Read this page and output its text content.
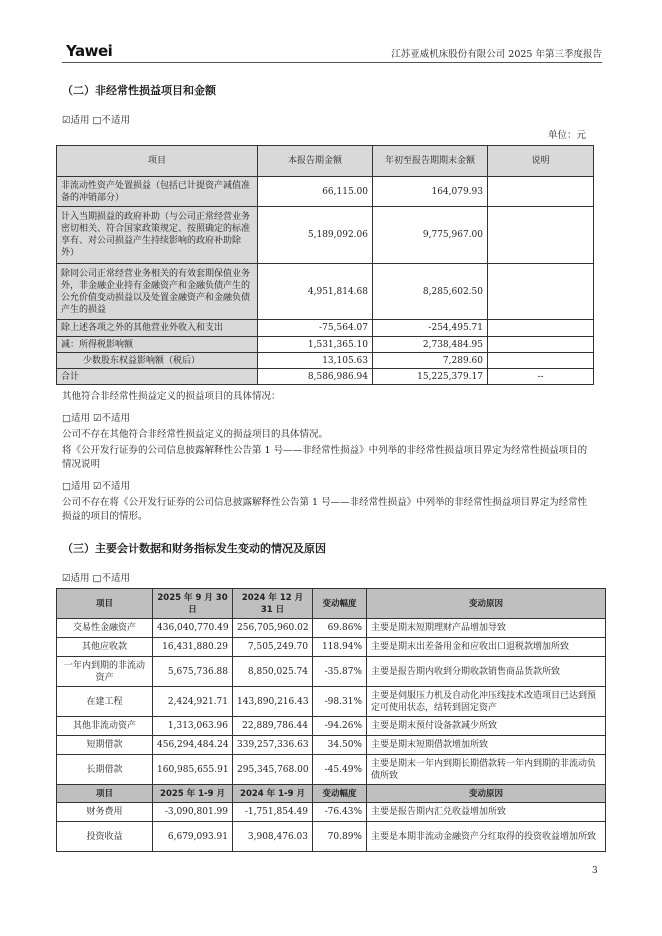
Yawei	江苏亚威机床股份有限公司 2025 年第三季度报告
（二）非经常性损益项目和金额
☑适用 □不适用
单位：元
项目	本报告期金额	年初至报告期期末金额	说明
非流动性资产处置损益（包括已计提资产减值准备的冲销部分）	66,115.00	164,079.93	
计入当期损益的政府补助（与公司正常经营业务密切相关、符合国家政策规定、按照确定的标准享有、对公司损益产生持续影响的政府补助除外）	5,189,092.06	9,775,967.00	
除同公司正常经营业务相关的有效套期保值业务外，非金融企业持有金融资产和金融负债产生的公允价值变动损益以及处置金融资产和金融负债产生的损益	4,951,814.68	8,285,602.50	
除上述各项之外的其他营业外收入和支出	-75,564.07	-254,495.71	
减：所得税影响额	1,531,365.10	2,738,484.95	
少数股东权益影响额（税后）	13,105.63	7,289.60	
合计	8,586,986.94	15,225,379.17	--
其他符合非经常性损益定义的损益项目的具体情况：
□适用 ☑不适用
公司不存在其他符合非经常性损益定义的损益项目的具体情况。
将《公开发行证券的公司信息披露解释性公告第 1 号——非经常性损益》中列举的非经常性损益项目界定为经常性损益项目的情况说明
□适用 ☑不适用
公司不存在将《公开发行证券的公司信息披露解释性公告第 1 号——非经常性损益》中列举的非经常性损益项目界定为经常性损益的项目的情形。
（三）主要会计数据和财务指标发生变动的情况及原因
☑适用 □不适用
项目	2025 年 9 月 30 日	2024 年 12 月 31 日	变动幅度	变动原因
交易性金融资产	436,040,770.49	256,705,960.02	69.86%	主要是期末短期理财产品增加导致
其他应收款	16,431,880.29	7,505,249.70	118.94%	主要是期末出差备用金和应收出口退税款增加所致
一年内到期的非流动资产	5,675,736.88	8,850,025.74	-35.87%	主要是报告期内收到分期收款销售商品货款所致
在建工程	2,424,921.71	143,890,216.43	-98.31%	主要是伺服压力机及自动化冲压线技术改造项目已达到预定可使用状态，结转到固定资产
其他非流动资产	1,313,063.96	22,889,786.44	-94.26%	主要是期末预付设备款减少所致
短期借款	456,294,484.24	339,257,336.63	34.50%	主要是期末短期借款增加所致
长期借款	160,985,655.91	295,345,768.00	-45.49%	主要是期末一年内到期长期借款转一年内到期的非流动负债所致
项目	2025 年 1-9 月	2024 年 1-9 月	变动幅度	变动原因
财务费用	-3,090,801.99	-1,751,854.49	-76.43%	主要是报告期内汇兑收益增加所致
投资收益	6,679,093.91	3,908,476.03	70.89%	主要是本期非流动金融资产分红取得的投资收益增加所致
3
